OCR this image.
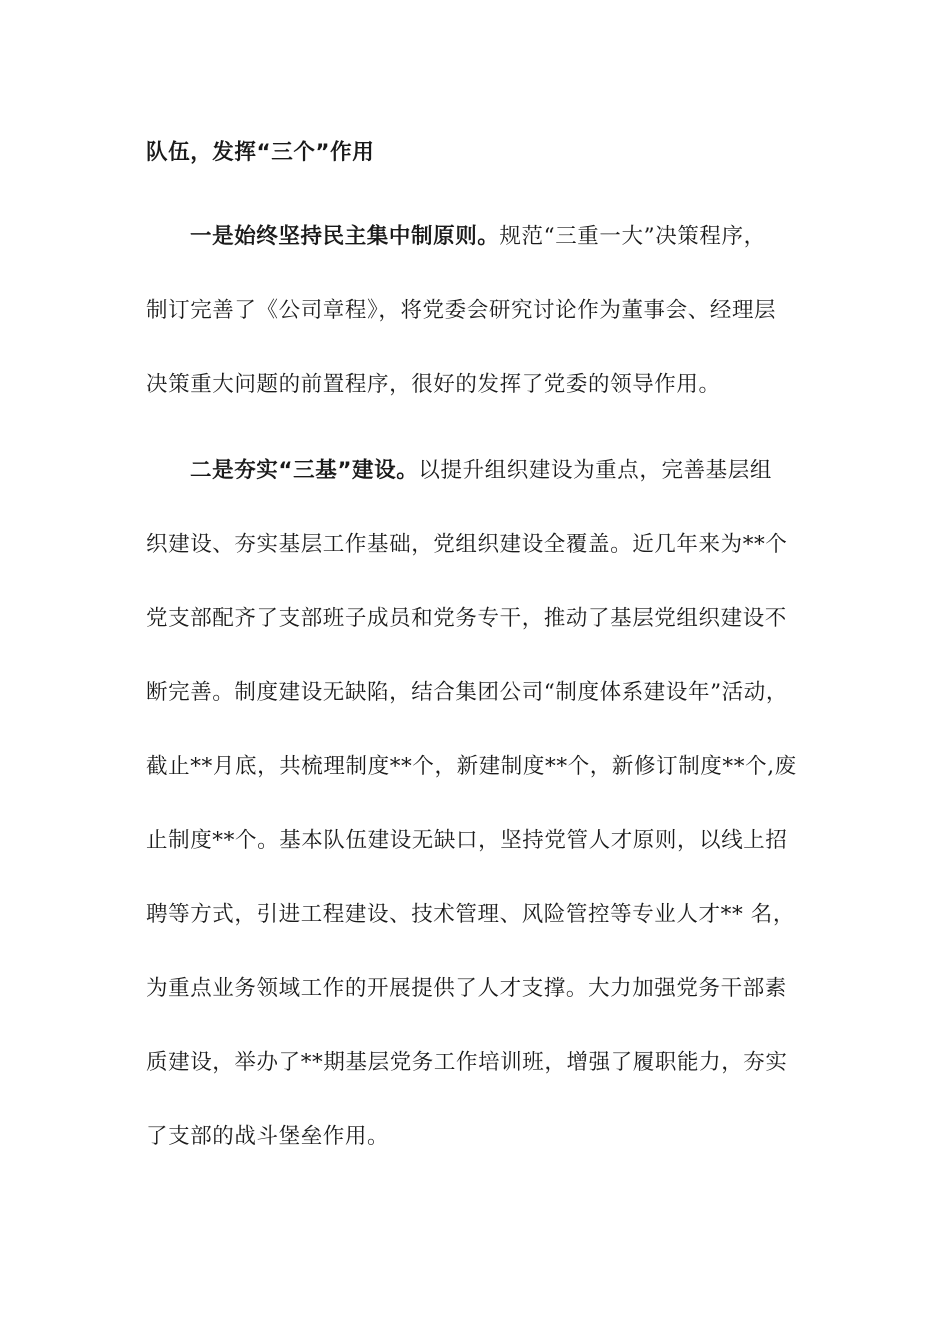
队伍，发挥“三个”作用
一是始终坚持民主集中制原则。规范“三重一大”决策程序，
制订完善了《公司章程》，将党委会研究讨论作为董事会、经理层
决策重大问题的前置程序，很好的发挥了党委的领导作用。
二是夯实“三基”建设。以提升组织建设为重点，完善基层组
织建设、夯实基层工作基础，党组织建设全覆盖。近几年来为**个
党支部配齐了支部班子成员和党务专干，推动了基层党组织建设不
断完善。制度建设无缺陷，结合集团公司“制度体系建设年”活动，
截止**月底，共梳理制度**个，新建制度**个，新修订制度**个,废
止制度**个。基本队伍建设无缺口，坚持党管人才原则，以线上招
聘等方式，引进工程建设、技术管理、风险管控等专业人才** 名，
为重点业务领域工作的开展提供了人才支撑。大力加强党务干部素
质建设，举办了**期基层党务工作培训班，增强了履职能力，夯实
了支部的战斗堡垒作用。
